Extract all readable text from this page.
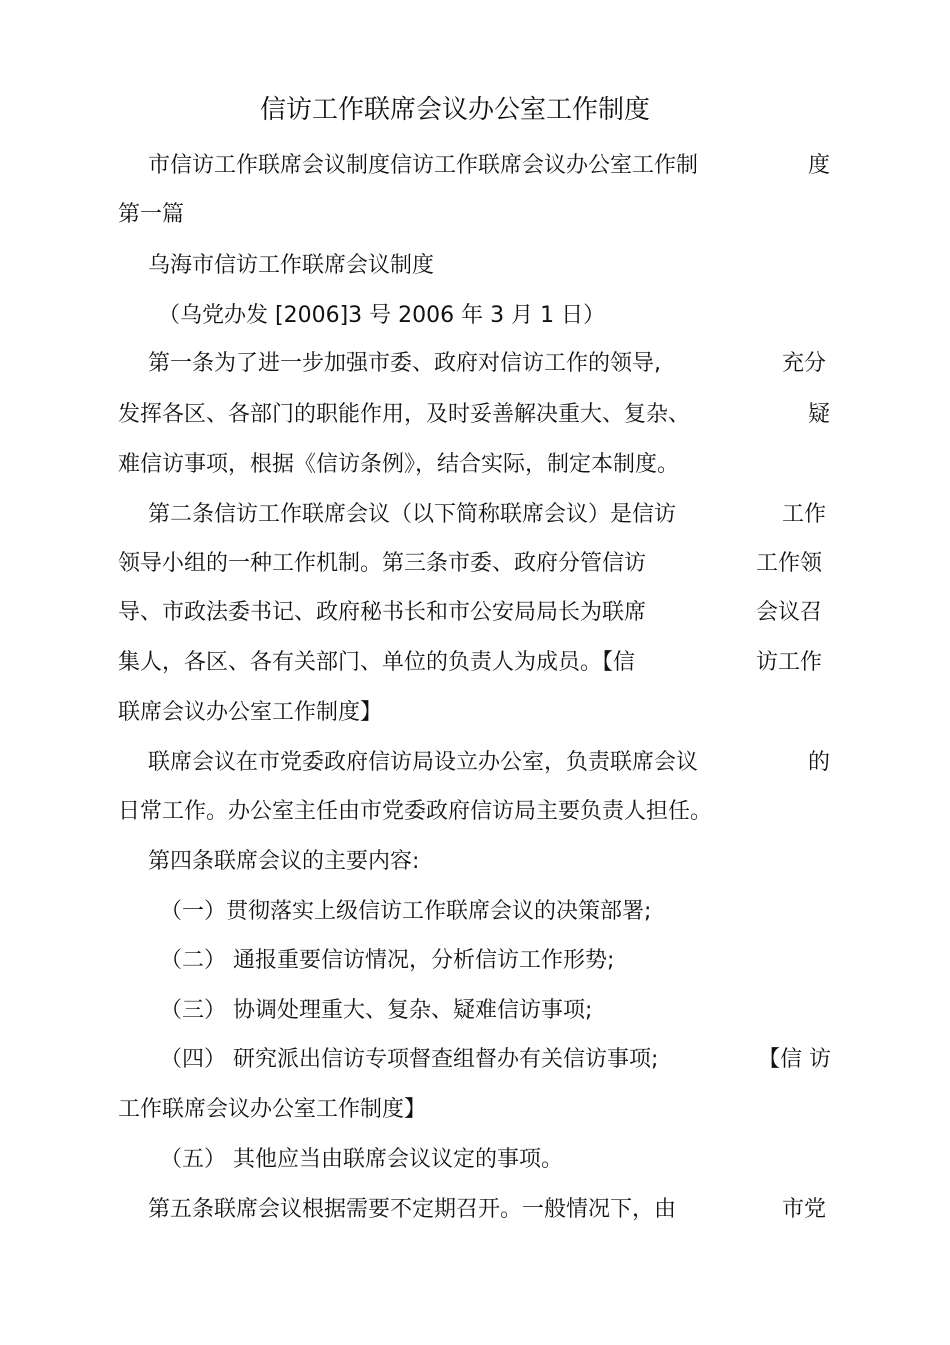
信访工作联席会议办公室工作制度
市信访工作联席会议制度信访工作联席会议办公室工作制	度
第一篇
乌海市信访工作联席会议制度
（乌党办发 [2006]3 号 2006 年 3 月 1 日）
第一条为了进一步加强市委、政府对信访工作的领导,	充分
发挥各区、各部门的职能作用，及时妥善解决重大、复杂、	疑
难信访事项，根据《信访条例》，结合实际，制定本制度。
第二条信访工作联席会议（以下简称联席会议）是信访	工作
领导小组的一种工作机制。第三条市委、政府分管信访	工作领
导、市政法委书记、政府秘书长和市公安局局长为联席	会议召
集人，各区、各有关部门、单位的负责人为成员。【信	访工作
联席会议办公室工作制度】
联席会议在市党委政府信访局设立办公室，负责联席会议	的
日常工作。办公室主任由市党委政府信访局主要负责人担任。
第四条联席会议的主要内容:
（一）贯彻落实上级信访工作联席会议的决策部署;
（二） 通报重要信访情况，分析信访工作形势;
（三） 协调处理重大、复杂、疑难信访事项;
（四） 研究派出信访专项督查组督办有关信访事项;	【信 访
工作联席会议办公室工作制度】
（五） 其他应当由联席会议议定的事项。
第五条联席会议根据需要不定期召开。一般情况下，由	市党
